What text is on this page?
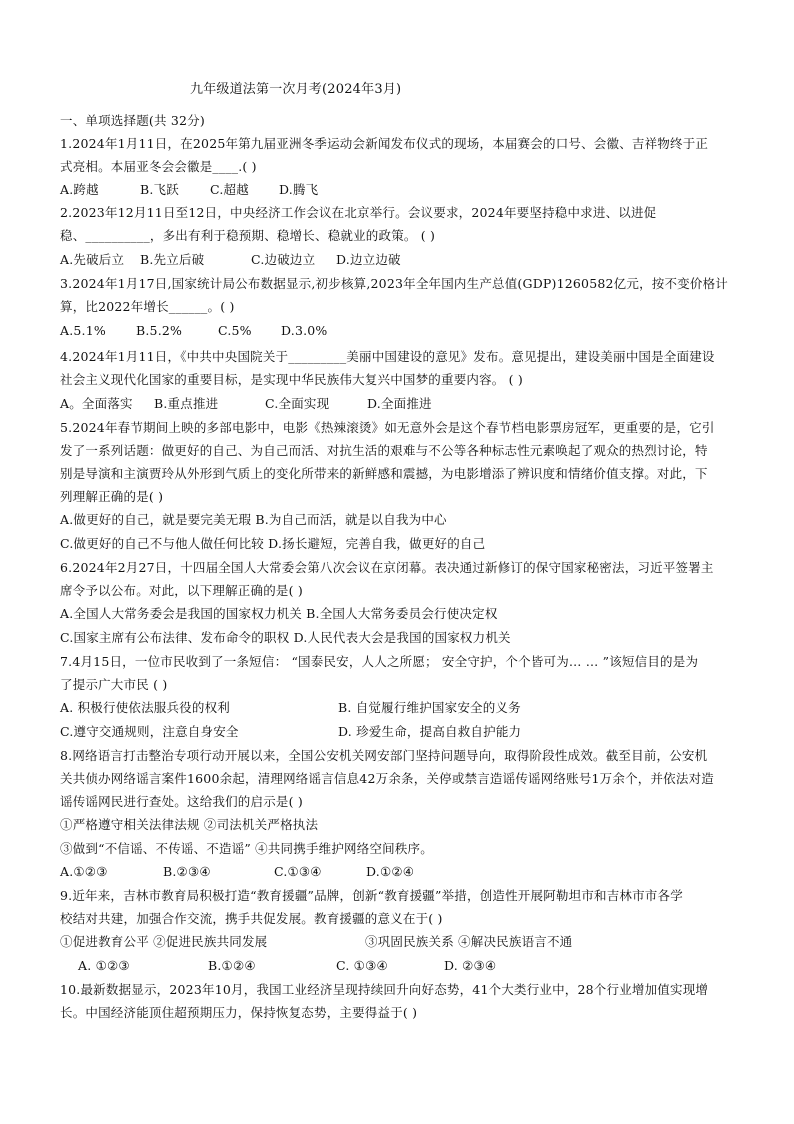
九年级道法第一次月考(2024年3月)
一、单项选择题(共 32分)
1.2024年1月11日，在2025年第九届亚洲冬季运动会新闻发布仪式的现场，本届赛会的口号、会徽、吉祥物终于正
式亮相。本届亚冬会会徽是____.( )
A.跨越	B.飞跃 C.超越 D.腾飞
2.2023年12月11日至12日，中央经济工作会议在北京举行。会议要求，2024年要坚持稳中求进、以进促
稳、__________，多出有利于稳预期、稳增长、稳就业的政策。 ( )
A.先破后立 B.先立后破	C.边破边立 D.边立边破
3.2024年1月17日,国家统计局公布数据显示,初步核算,2023年全年国内生产总值(GDP)1260582亿元，按不变价格计
算，比2022年增长______。( )
A.5.1% B.5.2%	C.5% D.3.0%
4.2024年1月11日，《中共中央国院关于_________美丽中国建设的意见》发布。意见提出，建设美丽中国是全面建设
社会主义现代化国家的重要目标，是实现中华民族伟大复兴中国梦的重要内容。 ( )
A。全面落实 B.重点推进	C.全面实现	D.全面推进
5.2024年春节期间上映的多部电影中，电影《热辣滚烫》如无意外会是这个春节档电影票房冠军，更重要的是，它引
发了一系列话题：做更好的自己、为自己而活、对抗生活的艰难与不公等各种标志性元素唤起了观众的热烈讨论，特
别是导演和主演贾玲从外形到气质上的变化所带来的新鲜感和震撼，为电影增添了辨识度和情绪价值支撑。对此，下
列理解正确的是( )
A.做更好的自己，就是要完美无瑕 B.为自己而活，就是以自我为中心
C.做更好的自己不与他人做任何比较 D.扬长避短，完善自我，做更好的自己
6.2024年2月27日，十四届全国人大常委会第八次会议在京闭幕。表决通过新修订的保守国家秘密法，习近平签署主
席令予以公布。对此，以下理解正确的是( )
A.全国人大常务委会是我国的国家权力机关 B.全国人大常务委员会行使决定权
C.国家主席有公布法律、发布命令的职权 D.人民代表大会是我国的国家权力机关
7.4月15日，一位市民收到了一条短信： “国泰民安，人人之所愿； 安全守护，个个皆可为… … ”该短信目的是为
了提示广大市民 ( )
A. 积极行使依法服兵役的权利	B. 自觉履行维护国家安全的义务
C.遵守交通规则，注意自身安全	D. 珍爱生命，提高自救自护能力
8.网络语言打击整治专项行动开展以来，全国公安机关网安部门坚持问题导向，取得阶段性成效。截至目前，公安机
关共侦办网络谣言案件1600余起，清理网络谣言信息42万余条，关停或禁言造谣传谣网络账号1万余个，并依法对造
谣传谣网民进行查处。这给我们的启示是( )
①严格遵守相关法律法规 ②司法机关严格执法
③做到“不信谣、不传谣、不造谣” ④共同携手维护网络空间秩序。
A.①②③	B.②③④	C.①③④	D.①②④
9.近年来，吉林市教育局积极打造“教育援疆”品牌，创新“教育援疆”举措，创造性开展阿勒坦市和吉林市市各学
校结对共建，加强合作交流，携手共促发展。教育援疆的意义在于( )
①促进教育公平 ②促进民族共同发展	③巩固民族关系 ④解决民族语言不通
A. ①②③	B.①②④	C. ①③④	D. ②③④
10.最新数据显示，2023年10月，我国工业经济呈现持续回升向好态势，41个大类行业中，28个行业增加值实现增
长。中国经济能顶住超预期压力，保持恢复态势，主要得益于( )
